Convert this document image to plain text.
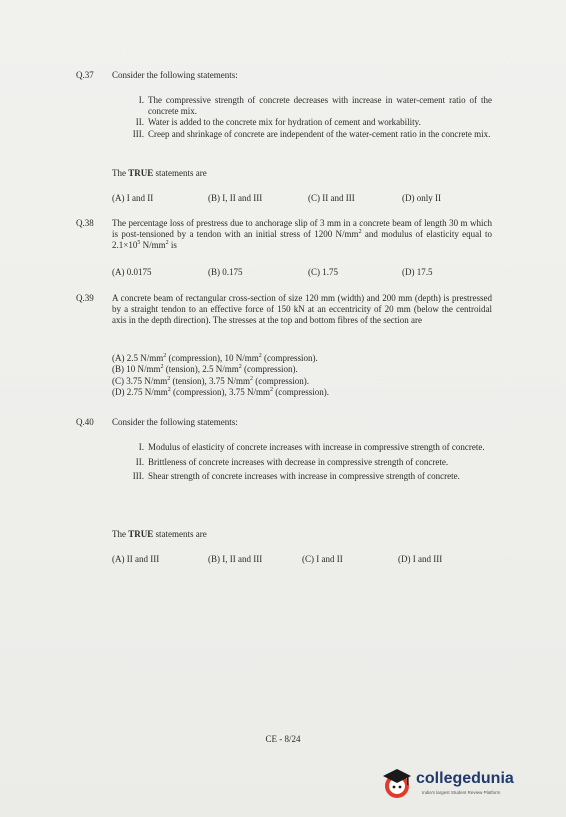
Q.37 Consider the following statements:
I. The compressive strength of concrete decreases with increase in water-cement ratio of the concrete mix.
II. Water is added to the concrete mix for hydration of cement and workability.
III. Creep and shrinkage of concrete are independent of the water-cement ratio in the concrete mix.
The TRUE statements are
(A) I and II	(B) I, II and III	(C) II and III	(D) only II
Q.38 The percentage loss of prestress due to anchorage slip of 3 mm in a concrete beam of length 30 m which is post-tensioned by a tendon with an initial stress of 1200 $N/mm^2$ and modulus of elasticity equal to $2.1\times 10^5$ $N/mm^2$ is
(A) 0.0175	(B) 0.175	(C) 1.75	(D) 17.5
Q.39 A concrete beam of rectangular cross-section of size 120 mm (width) and 200 mm (depth) is prestressed by a straight tendon to an effective force of 150 kN at an eccentricity of 20 mm (below the centroidal axis in the depth direction). The stresses at the top and bottom fibres of the section are
(A) 2.5 $N/mm^2$ (compression), 10 $N/mm^2$ (compression).
(B) 10 $N/mm^2$ (tension), 2.5 $N/mm^2$ (compression).
(C) 3.75 $N/mm^2$ (tension), 3.75 $N/mm^2$ (compression).
(D) 2.75 $N/mm^2$ (compression), 3.75 $N/mm^2$ (compression).
Q.40 Consider the following statements:
I. Modulus of elasticity of concrete increases with increase in compressive strength of concrete.
II. Brittleness of concrete increases with decrease in compressive strength of concrete.
III. Shear strength of concrete increases with increase in compressive strength of concrete.
The TRUE statements are
(A) II and III	(B) I, II and III	(C) I and II	(D) I and III
CE - 8/24
collegedunia
India's largest Student Review Platform
